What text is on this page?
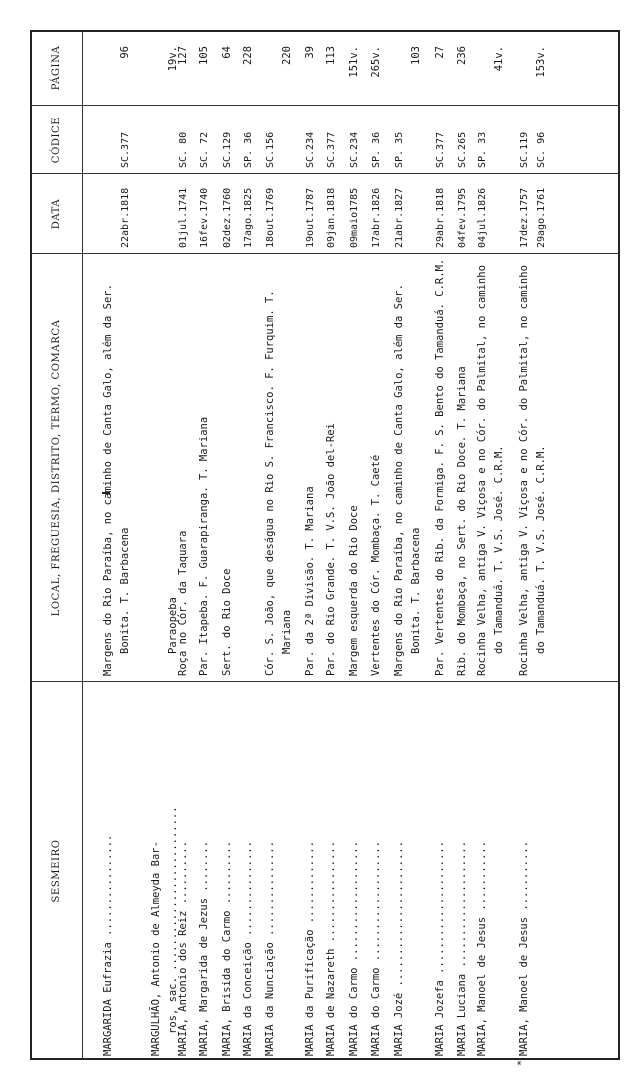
SESMEIRO
LOCAL, FREGUESIA, DISTRITO, TERMO, COMARCA
DATA
CÓDICE
PÁGINA
MARGARIDA Eufrazia ................
Margens do Rio Paraíba, no caminho de Canta Galo, além da Ser. Bonita. T. Barbacena
22abr.1818
SC.377
96
MARGULHÃO, Antonio de Almeyda Bar- ros, sac. ..........................
Paraopeba
19v.
MARIA, Antonio dos Reiz ..........
Roça no Cór. da Taquara
01jul.1741
SC. 80
127
MARIA, Margarida de Jezus ........
Par. Itapeba. F. Guarapiranga. T. Mariana
16fev.1740
SC. 72
105
MARIA, Brisida do Carmo ..........
Sert. do Rio Doce
02dez.1760
SC.129
64
MARIA da Conceição ...............
17ago.1825
SP. 36
228
MARIA da Nunciação ...............
Cór. S. João, que deságua no Rio S. Francisco. F. Furquim. T. Mariana
18out.1769
SC.156
220
MARIA da Purificação .............
Par. da 2ª Divisão. T. Mariana
19out.1787
SC.234
39
MARIA de Nazareth ................
Par. do Rio Grande. T. V.S. João del-Rei
09jan.1818
SC.377
113
MARIA do Carmo ...................
Margem esquerda do Rio Doce
09maio1785
SC.234
151v.
MARIA do Carmo ...................
Vertentes do Cór. Mombaça. T. Caeté
17abr.1826
SP. 36
265v.
MARIA Jozé .......................
Margens do Rio Paraíba, no caminho de Canta Galo, além da Ser. Bonita. T. Barbacena
21abr.1827
SP. 35
103
MARIA Jozefa .....................
Par. Vertentes do Rib. da Formiga. F. S. Bento do Tamanduá. C.R.M.
29abr.1818
SC.377
27
MARIA Luciana ....................
Rib. do Mombaça, no Sert. do Rio Doce. T. Mariana
04fev.1795
SC.265
236
MARIA, Manoel de Jesus ...........
Rocinha Velha, antiga V. Viçosa e no Cór. do Palmital, no caminho do Tamanduá. T. V.S. José. C.R.M.
04jul.1826
SP. 33
41v.
MARIA, Manoel de Jesus ...........
Rocinha Velha, antiga V. Viçosa e no Cór. do Palmital, no caminho do Tamanduá. T. V.S. José. C.R.M.
17dez.1757 29ago.1761
SC.119 SC. 96
153v.
*
